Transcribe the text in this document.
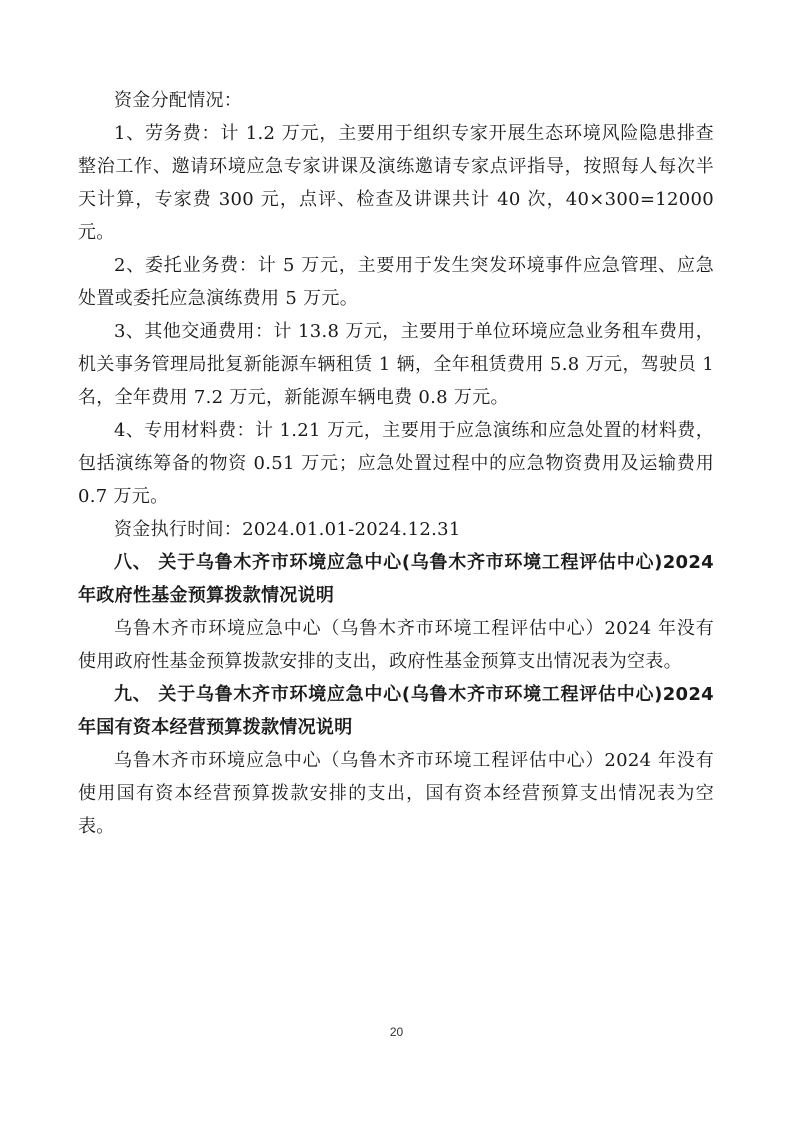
资金分配情况：

1、劳务费：计 1.2 万元，主要用于组织专家开展生态环境风险隐患排查整治工作、邀请环境应急专家讲课及演练邀请专家点评指导，按照每人每次半天计算，专家费 300 元，点评、检查及讲课共计 40 次，40×300=12000 元。

2、委托业务费：计 5 万元，主要用于发生突发环境事件应急管理、应急处置或委托应急演练费用 5 万元。

3、其他交通费用：计 13.8 万元，主要用于单位环境应急业务租车费用，机关事务管理局批复新能源车辆租赁 1 辆，全年租赁费用 5.8 万元，驾驶员 1 名，全年费用 7.2 万元，新能源车辆电费 0.8 万元。

4、专用材料费：计 1.21 万元，主要用于应急演练和应急处置的材料费，包括演练筹备的物资 0.51 万元；应急处置过程中的应急物资费用及运输费用 0.7 万元。

资金执行时间：2024.01.01-2024.12.31

八、 关于乌鲁木齐市环境应急中心(乌鲁木齐市环境工程评估中心)2024 年政府性基金预算拨款情况说明

乌鲁木齐市环境应急中心（乌鲁木齐市环境工程评估中心）2024 年没有使用政府性基金预算拨款安排的支出，政府性基金预算支出情况表为空表。

九、 关于乌鲁木齐市环境应急中心(乌鲁木齐市环境工程评估中心)2024 年国有资本经营预算拨款情况说明

乌鲁木齐市环境应急中心（乌鲁木齐市环境工程评估中心）2024 年没有使用国有资本经营预算拨款安排的支出，国有资本经营预算支出情况表为空表。

20
